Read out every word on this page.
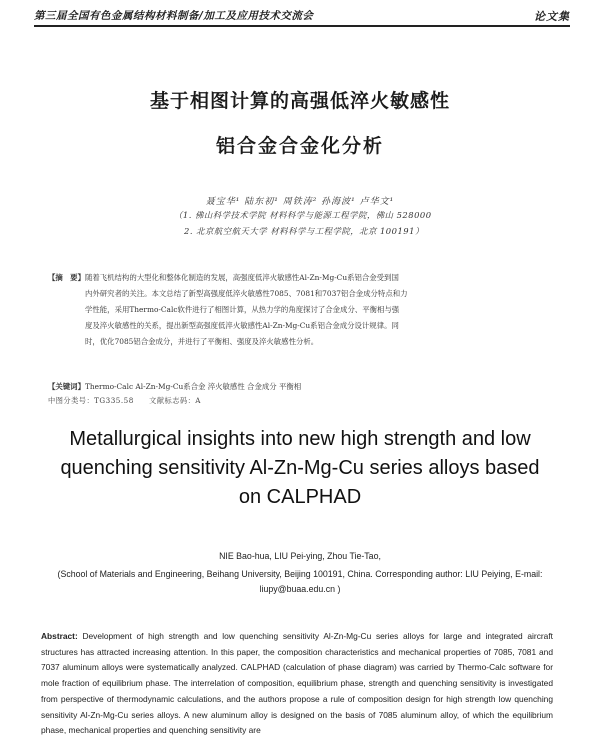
第三届全国有色金属结构材料制备/加工及应用技术交流会	论文集
基于相图计算的高强低淬火敏感性
铝合金合金化分析
聂宝华¹ 陆东初¹ 周铁涛² 孙海波¹ 卢华文¹
（1. 佛山科学技术学院 材料科学与能源工程学院，佛山 528000
2. 北京航空航天大学 材料科学与工程学院，北京 100191）
【摘　要】随着飞机结构的大型化和整体化制造的发展，高强度低淬火敏感性Al-Zn-Mg-Cu系铝合金受到国
内外研究者的关注。本文总结了新型高强度低淬火敏感性7085、7081和7037铝合金成分特点和力
学性能，采用Thermo-Calc软件进行了相图计算，从热力学的角度探讨了合金成分、平衡相与强
度及淬火敏感性的关系，提出新型高强度低淬火敏感性Al-Zn-Mg-Cu系铝合金成分设计规律。同
时，优化7085铝合金成分，并进行了平衡相、强度及淬火敏感性分析。
【关键词】Thermo-Calc Al-Zn-Mg-Cu系合金 淬火敏感性 合金成分 平衡相
中图分类号：TG335.58　　文献标志码：A
Metallurgical insights into new high strength and low
quenching sensitivity Al-Zn-Mg-Cu series alloys based
on CALPHAD
NIE Bao-hua, LIU Pei-ying, Zhou Tie-Tao,
(School of Materials and Engineering, Beihang University, Beijing 100191, China. Corresponding author: LIU Peiying, E-mail: liupy@buaa.edu.cn )
Abstract: Development of high strength and low quenching sensitivity Al-Zn-Mg-Cu series alloys for large and integrated aircraft structures has attracted increasing attention. In this paper, the composition characteristics and mechanical properties of 7085, 7081 and 7037 aluminum alloys were systematically analyzed. CALPHAD (calculation of phase diagram) was carried by Thermo-Calc software for mole fraction of equilibrium phase. The interrelation of composition, equilibrium phase, strength and quenching sensitivity is investigated from perspective of thermodynamic calculations, and the authors propose a rule of composition design for high strength low quenching sensitivity Al-Zn-Mg-Cu series alloys. A new aluminum alloy is designed on the basis of 7085 aluminum alloy, of which the equilibrium phase, mechanical properties and quenching sensitivity are
